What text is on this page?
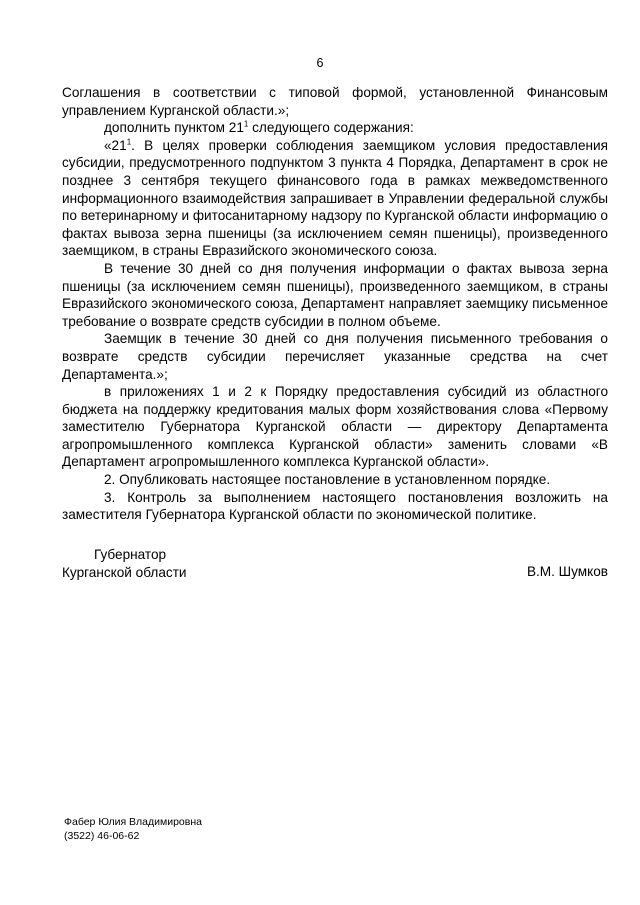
6

Соглашения в соответствии с типовой формой, установленной Финансовым управлением Курганской области.»;

дополнить пунктом $21^1$ следующего содержания:

«$21^1$. В целях проверки соблюдения заемщиком условия предоставления субсидии, предусмотренного подпунктом 3 пункта 4 Порядка, Департамент в срок не позднее 3 сентября текущего финансового года в рамках межведомственного информационного взаимодействия запрашивает в Управлении федеральной службы по ветеринарному и фитосанитарному надзору по Курганской области информацию о фактах вывоза зерна пшеницы (за исключением семян пшеницы), произведенного заемщиком, в страны Евразийского экономического союза.

В течение 30 дней со дня получения информации о фактах вывоза зерна пшеницы (за исключением семян пшеницы), произведенного заемщиком, в страны Евразийского экономического союза, Департамент направляет заемщику письменное требование о возврате средств субсидии в полном объеме.

Заемщик в течение 30 дней со дня получения письменного требования о возврате средств субсидии перечисляет указанные средства на счет Департамента.»;

в приложениях 1 и 2 к Порядку предоставления субсидий из областного бюджета на поддержку кредитования малых форм хозяйствования слова «Первому заместителю Губернатора Курганской области — директору Департамента агропромышленного комплекса Курганской области» заменить словами «В Департамент агропромышленного комплекса Курганской области».

2. Опубликовать настоящее постановление в установленном порядке.

3. Контроль за выполнением настоящего постановления возложить на заместителя Губернатора Курганской области по экономической политике.

Губернатор
Курганской области	В.М. Шумков
Фабер Юлия Владимировна
(3522) 46-06-62
